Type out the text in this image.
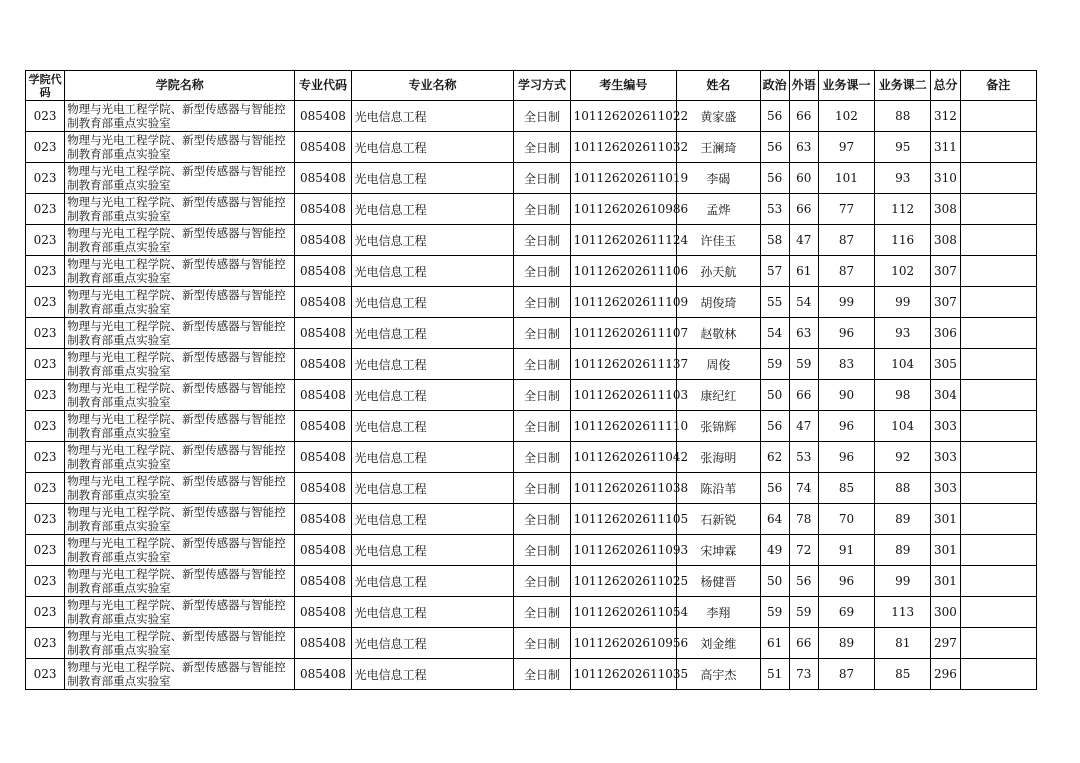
学院代码	学院名称	专业代码	专业名称	学习方式	考生编号	姓名	政治	外语	业务课一	业务课二	总分	备注
023	物理与光电工程学院、新型传感器与智能控制教育部重点实验室	085408	光电信息工程	全日制	101126202611022	黄家盛	56	66	102	88	312	
023	物理与光电工程学院、新型传感器与智能控制教育部重点实验室	085408	光电信息工程	全日制	101126202611032	王澜琦	56	63	97	95	311	
023	物理与光电工程学院、新型传感器与智能控制教育部重点实验室	085408	光电信息工程	全日制	101126202611019	李碣	56	60	101	93	310	
023	物理与光电工程学院、新型传感器与智能控制教育部重点实验室	085408	光电信息工程	全日制	101126202610986	孟烨	53	66	77	112	308	
023	物理与光电工程学院、新型传感器与智能控制教育部重点实验室	085408	光电信息工程	全日制	101126202611124	许佳玉	58	47	87	116	308	
023	物理与光电工程学院、新型传感器与智能控制教育部重点实验室	085408	光电信息工程	全日制	101126202611106	孙天航	57	61	87	102	307	
023	物理与光电工程学院、新型传感器与智能控制教育部重点实验室	085408	光电信息工程	全日制	101126202611109	胡俊琦	55	54	99	99	307	
023	物理与光电工程学院、新型传感器与智能控制教育部重点实验室	085408	光电信息工程	全日制	101126202611107	赵敬林	54	63	96	93	306	
023	物理与光电工程学院、新型传感器与智能控制教育部重点实验室	085408	光电信息工程	全日制	101126202611137	周俊	59	59	83	104	305	
023	物理与光电工程学院、新型传感器与智能控制教育部重点实验室	085408	光电信息工程	全日制	101126202611103	康纪红	50	66	90	98	304	
023	物理与光电工程学院、新型传感器与智能控制教育部重点实验室	085408	光电信息工程	全日制	101126202611110	张锦辉	56	47	96	104	303	
023	物理与光电工程学院、新型传感器与智能控制教育部重点实验室	085408	光电信息工程	全日制	101126202611042	张海明	62	53	96	92	303	
023	物理与光电工程学院、新型传感器与智能控制教育部重点实验室	085408	光电信息工程	全日制	101126202611038	陈沿苇	56	74	85	88	303	
023	物理与光电工程学院、新型传感器与智能控制教育部重点实验室	085408	光电信息工程	全日制	101126202611105	石新锐	64	78	70	89	301	
023	物理与光电工程学院、新型传感器与智能控制教育部重点实验室	085408	光电信息工程	全日制	101126202611093	宋坤霖	49	72	91	89	301	
023	物理与光电工程学院、新型传感器与智能控制教育部重点实验室	085408	光电信息工程	全日制	101126202611025	杨健晋	50	56	96	99	301	
023	物理与光电工程学院、新型传感器与智能控制教育部重点实验室	085408	光电信息工程	全日制	101126202611054	李翔	59	59	69	113	300	
023	物理与光电工程学院、新型传感器与智能控制教育部重点实验室	085408	光电信息工程	全日制	101126202610956	刘金维	61	66	89	81	297	
023	物理与光电工程学院、新型传感器与智能控制教育部重点实验室	085408	光电信息工程	全日制	101126202611035	高宇杰	51	73	87	85	296	
